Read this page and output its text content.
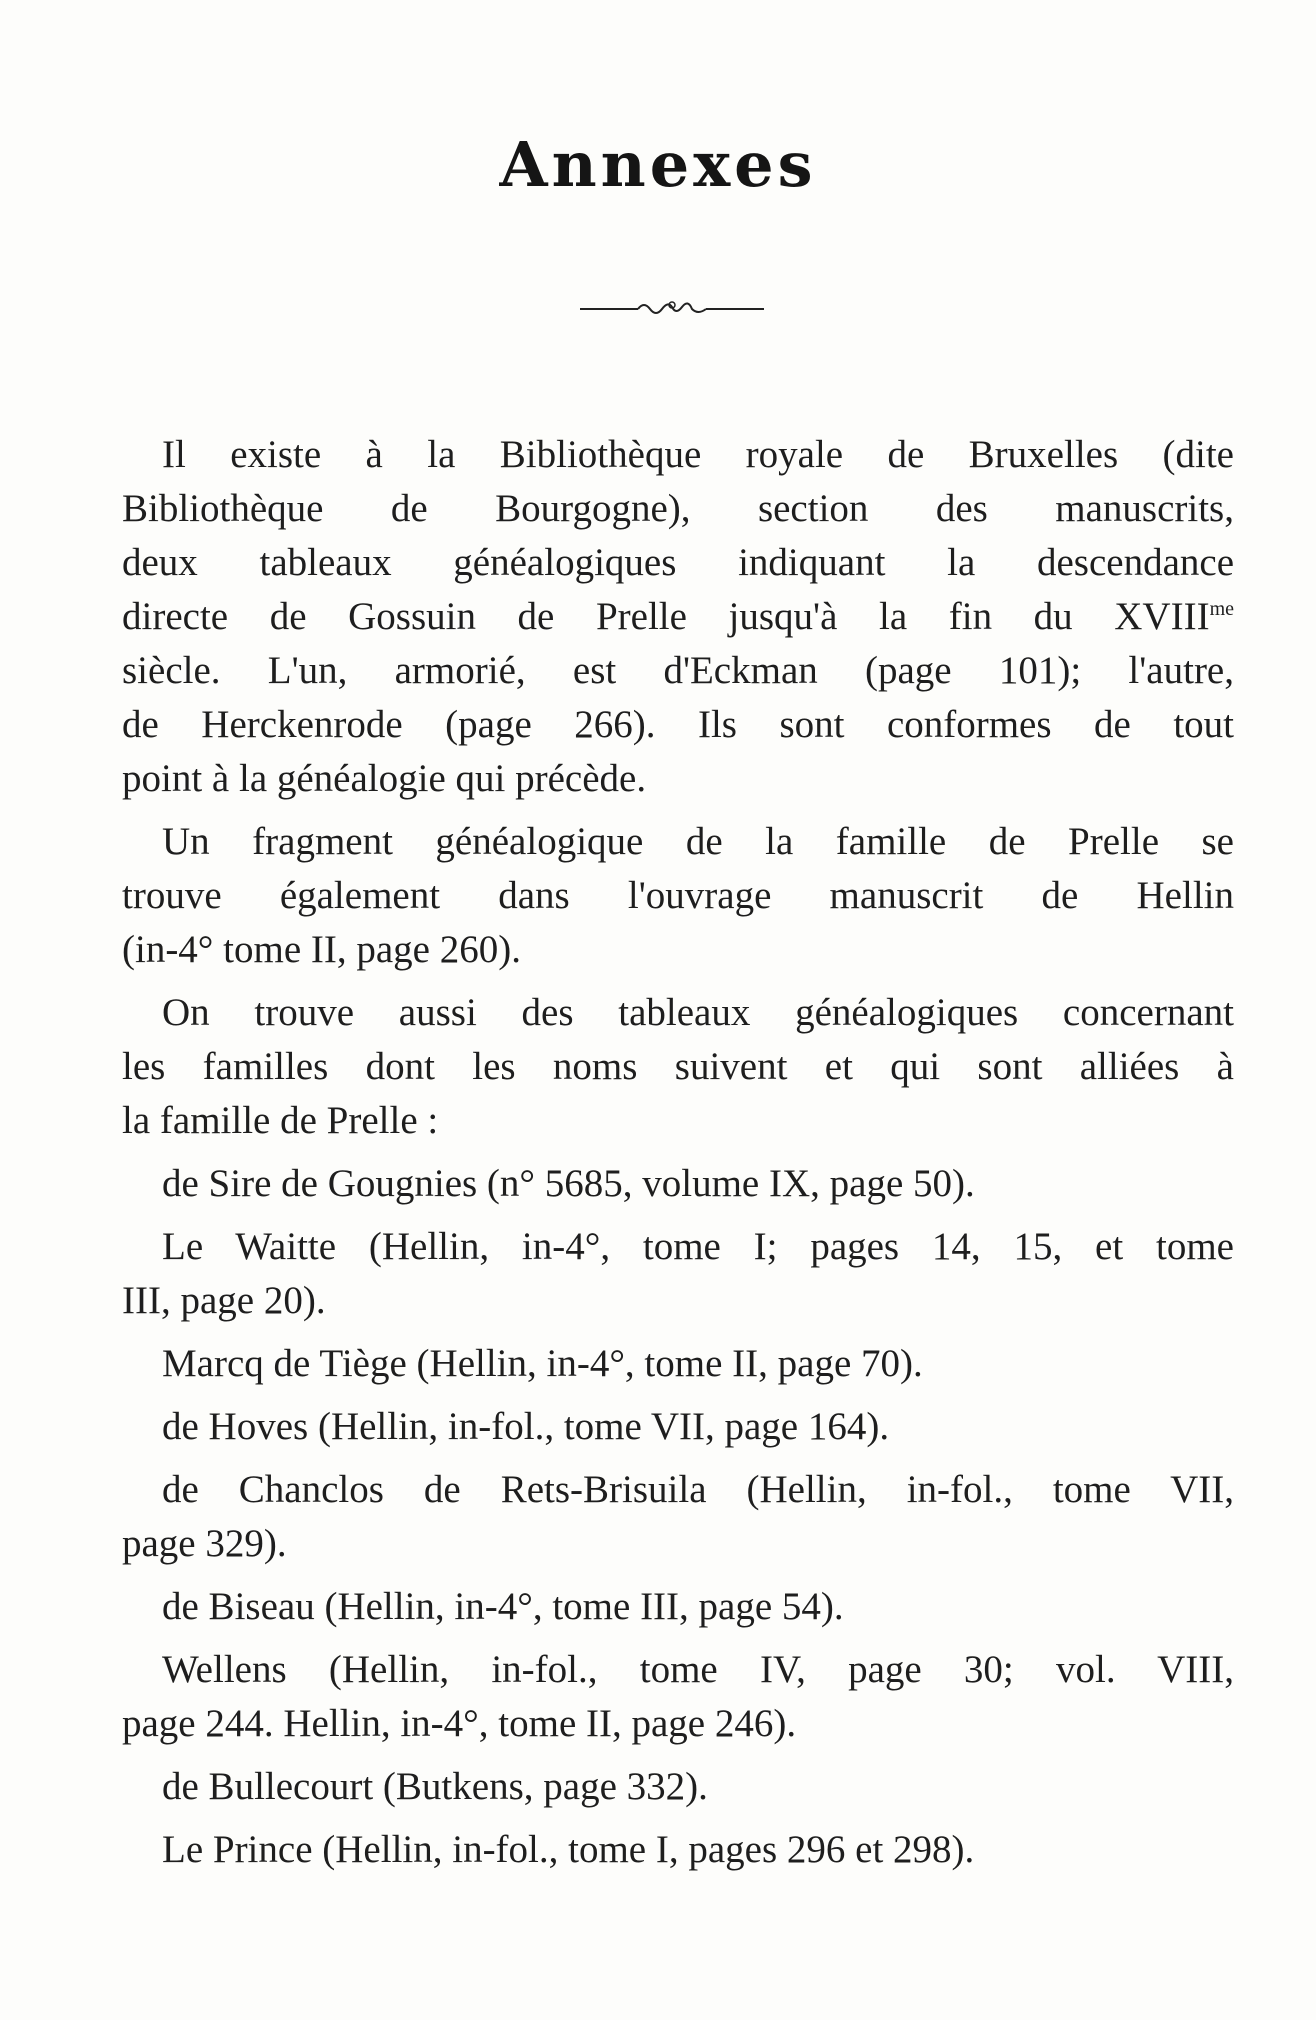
Annexes
Il existe à la Bibliothèque royale de Bruxelles (dite
Bibliothèque de Bourgogne), section des manuscrits,
deux tableaux généalogiques indiquant la descendance
directe de Gossuin de Prelle jusqu'à la fin du $XVIII^{me}$
siècle. L'un, armorié, est d'Eckman (page 101); l'autre,
de Herckenrode (page 266). Ils sont conformes de tout
point à la généalogie qui précède.
Un fragment généalogique de la famille de Prelle se
trouve également dans l'ouvrage manuscrit de Hellin
(in-4° tome II, page 260).
On trouve aussi des tableaux généalogiques concernant
les familles dont les noms suivent et qui sont alliées à
la famille de Prelle :
de Sire de Gougnies (n° 5685, volume IX, page 50).
Le Waitte (Hellin, in-4°, tome I; pages 14, 15, et tome
III, page 20).
Marcq de Tiège (Hellin, in-4°, tome II, page 70).
de Hoves (Hellin, in-fol., tome VII, page 164).
de Chanclos de Rets-Brisuila (Hellin, in-fol., tome VII,
page 329).
de Biseau (Hellin, in-4°, tome III, page 54).
Wellens (Hellin, in-fol., tome IV, page 30; vol. VIII,
page 244. Hellin, in-4°, tome II, page 246).
de Bullecourt (Butkens, page 332).
Le Prince (Hellin, in-fol., tome I, pages 296 et 298).
